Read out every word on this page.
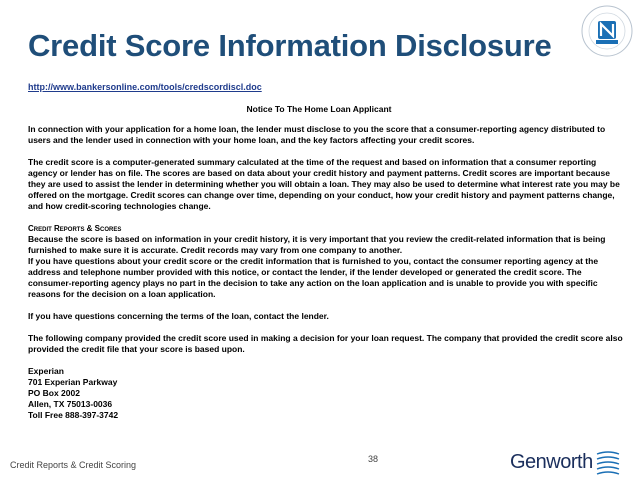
Credit Score Information Disclosure
http://www.bankersonline.com/tools/credscordiscl.doc
Notice To The Home Loan Applicant

In connection with your application for a home loan, the lender must disclose to you the score that a consumer-reporting agency distributed to users and the lender used in connection with your home loan, and the key factors affecting your credit scores.

The credit score is a computer-generated summary calculated at the time of the request and based on information that a consumer reporting agency or lender has on file. The scores are based on data about your credit history and payment patterns. Credit scores are important because they are used to assist the lender in determining whether you will obtain a loan. They may also be used to determine what interest rate you may be offered on the mortgage. Credit scores can change over time, depending on your conduct, how your credit history and payment patterns change, and how credit-scoring technologies change.

Credit Reports & Scores
Because the score is based on information in your credit history, it is very important that you review the credit-related information that is being furnished to make sure it is accurate. Credit records may vary from one company to another.

If you have questions about your credit score or the credit information that is furnished to you, contact the consumer reporting agency at the address and telephone number provided with this notice, or contact the lender, if the lender developed or generated the credit score. The consumer-reporting agency plays no part in the decision to take any action on the loan application and is unable to provide you with specific reasons for the decision on a loan application.

If you have questions concerning the terms of the loan, contact the lender.

The following company provided the credit score used in making a decision for your loan request. The company that provided the credit score also provided the credit file that your score is based upon.

Experian
701 Experian Parkway
PO Box 2002
Allen, TX 75013-0036
Toll Free 888-397-3742
Credit Reports & Credit Scoring
38	Genworth
